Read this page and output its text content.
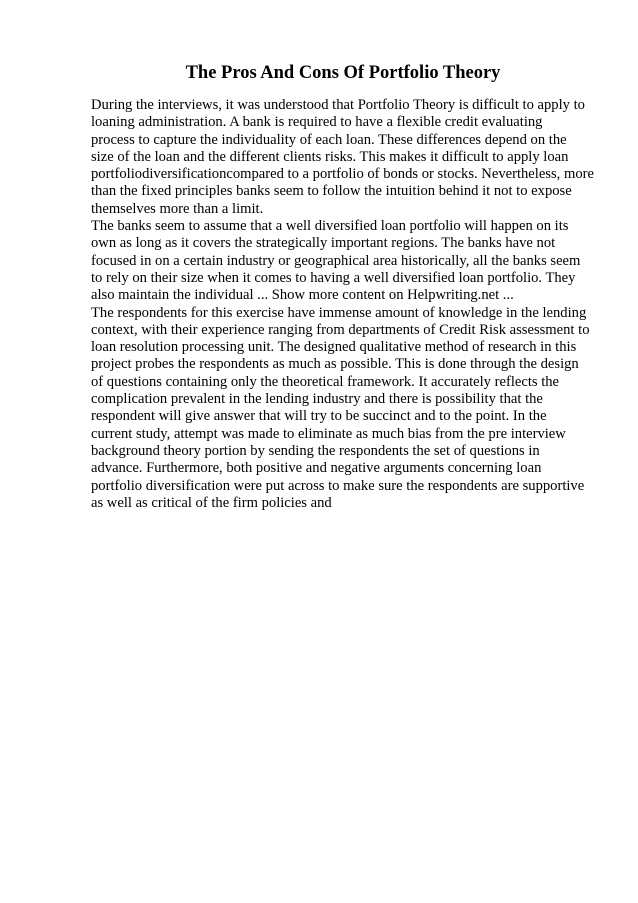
The Pros And Cons Of Portfolio Theory
During the interviews, it was understood that Portfolio Theory is difficult to apply to
loaning administration. A bank is required to have a flexible credit evaluating
process to capture the individuality of each loan. These differences depend on the
size of the loan and the different clients risks. This makes it difficult to apply loan
portfoliodiversificationcompared to a portfolio of bonds or stocks. Nevertheless, more
than the fixed principles banks seem to follow the intuition behind it not to expose
themselves more than a limit.
The banks seem to assume that a well diversified loan portfolio will happen on its
own as long as it covers the strategically important regions. The banks have not
focused in on a certain industry or geographical area historically, all the banks seem
to rely on their size when it comes to having a well diversified loan portfolio. They
also maintain the individual ... Show more content on Helpwriting.net ...
The respondents for this exercise have immense amount of knowledge in the lending
context, with their experience ranging from departments of Credit Risk assessment to
loan resolution processing unit. The designed qualitative method of research in this
project probes the respondents as much as possible. This is done through the design
of questions containing only the theoretical framework. It accurately reflects the
complication prevalent in the lending industry and there is possibility that the
respondent will give answer that will try to be succinct and to the point. In the
current study, attempt was made to eliminate as much bias from the pre interview
background theory portion by sending the respondents the set of questions in
advance. Furthermore, both positive and negative arguments concerning loan
portfolio diversification were put across to make sure the respondents are supportive
as well as critical of the firm policies and
